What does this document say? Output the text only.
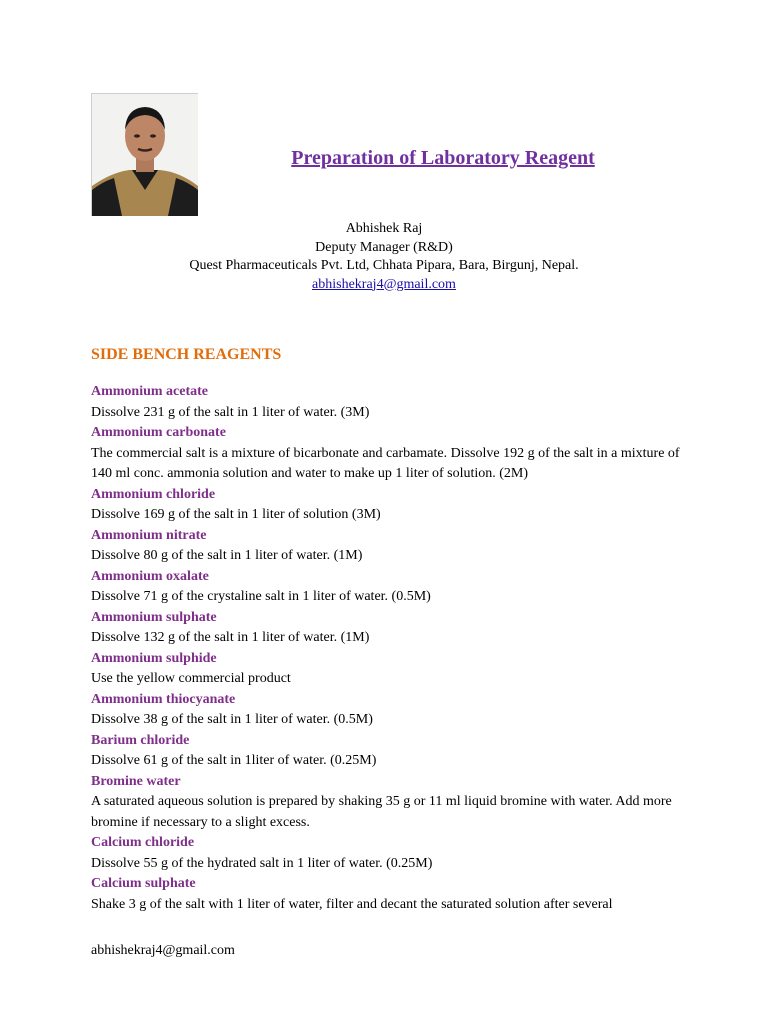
Preparation of Laboratory Reagent
Abhishek Raj
Deputy Manager (R&D)
Quest Pharmaceuticals Pvt. Ltd, Chhata Pipara, Bara, Birgunj, Nepal.
abhishekraj4@gmail.com
SIDE BENCH REAGENTS
Ammonium acetate
Dissolve 231 g of the salt in 1 liter of water. (3M)
Ammonium carbonate
The commercial salt is a mixture of bicarbonate and carbamate. Dissolve 192 g of the salt in a mixture of 140 ml conc. ammonia solution and water to make up 1 liter of solution. (2M)
Ammonium chloride
Dissolve 169 g of the salt in 1 liter of solution (3M)
Ammonium nitrate
Dissolve 80 g of the salt in 1 liter of water. (1M)
Ammonium oxalate
Dissolve 71 g of the crystaline salt in 1 liter of water. (0.5M)
Ammonium sulphate
Dissolve 132 g of the salt in 1 liter of water. (1M)
Ammonium sulphide
Use the yellow commercial product
Ammonium thiocyanate
Dissolve 38 g of the salt in 1 liter of water. (0.5M)
Barium chloride
Dissolve 61 g of the salt in 1liter of water. (0.25M)
Bromine water
A saturated aqueous solution is prepared by shaking 35 g or 11 ml liquid bromine with water. Add more bromine if necessary to a slight excess.
Calcium chloride
Dissolve 55 g of the hydrated salt in 1 liter of water. (0.25M)
Calcium sulphate
Shake 3 g of the salt with 1 liter of water, filter and decant the saturated solution after several
abhishekraj4@gmail.com
